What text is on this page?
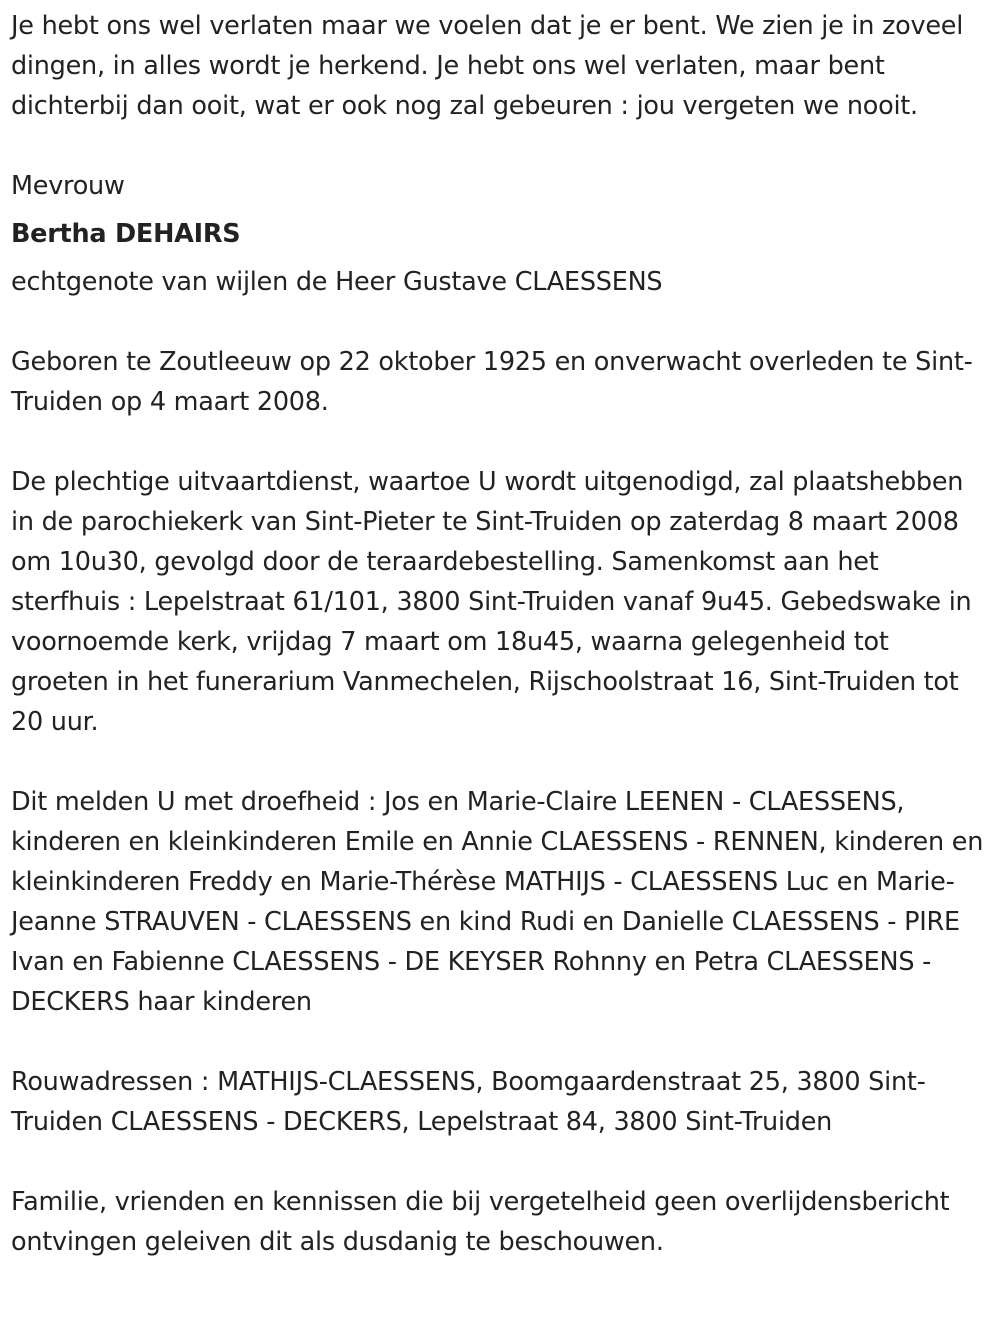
Je hebt ons wel verlaten maar we voelen dat je er bent. We zien je in zoveel dingen, in alles wordt je herkend. Je hebt ons wel verlaten, maar bent dichterbij dan ooit, wat er ook nog zal gebeuren : jou vergeten we nooit.

Mevrouw

Bertha DEHAIRS

echtgenote van wijlen de Heer Gustave CLAESSENS

Geboren te Zoutleeuw op 22 oktober 1925 en onverwacht overleden te Sint-Truiden op 4 maart 2008.

De plechtige uitvaartdienst, waartoe U wordt uitgenodigd, zal plaatshebben in de parochiekerk van Sint-Pieter te Sint-Truiden op zaterdag 8 maart 2008 om 10u30, gevolgd door de teraardebestelling. Samenkomst aan het sterfhuis : Lepelstraat 61/101, 3800 Sint-Truiden vanaf 9u45. Gebedswake in voornoemde kerk, vrijdag 7 maart om 18u45, waarna gelegenheid tot groeten in het funerarium Vanmechelen, Rijschoolstraat 16, Sint-Truiden tot 20 uur.

Dit melden U met droefheid : Jos en Marie-Claire LEENEN - CLAESSENS, kinderen en kleinkinderen Emile en Annie CLAESSENS - RENNEN, kinderen en kleinkinderen Freddy en Marie-Thérèse MATHIJS - CLAESSENS Luc en Marie-Jeanne STRAUVEN - CLAESSENS en kind Rudi en Danielle CLAESSENS - PIRE Ivan en Fabienne CLAESSENS - DE KEYSER Rohnny en Petra CLAESSENS - DECKERS haar kinderen

Rouwadressen : MATHIJS-CLAESSENS, Boomgaardenstraat 25, 3800 Sint-Truiden CLAESSENS - DECKERS, Lepelstraat 84, 3800 Sint-Truiden

Familie, vrienden en kennissen die bij vergetelheid geen overlijdensbericht ontvingen geleiven dit als dusdanig te beschouwen.
